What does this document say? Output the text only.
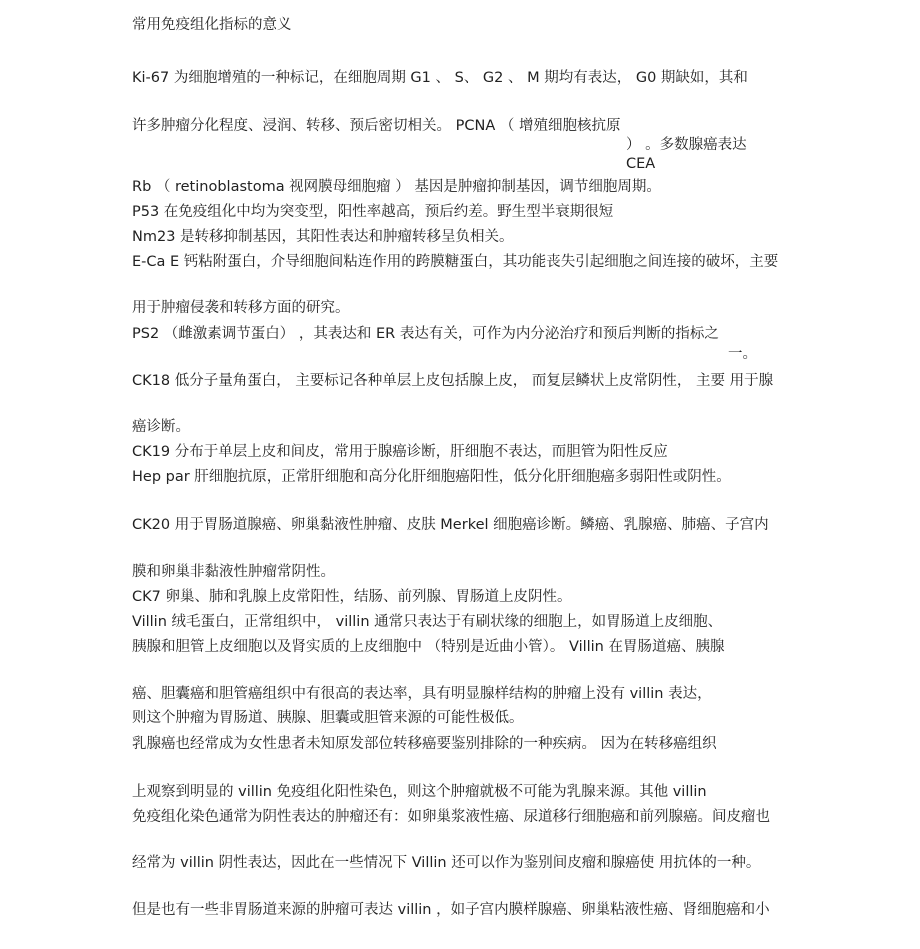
常用免疫组化指标的意义
Ki-67 为细胞增殖的一种标记，在细胞周期 G1 、 S、 G2 、 M 期均有表达， G0 期缺如，其和
许多肿瘤分化程度、浸润、转移、预后密切相关。 PCNA （ 增殖细胞核抗原
） 。多数腺癌表达
CEA
Rb （ retinoblastoma 视网膜母细胞瘤 ） 基因是肿瘤抑制基因，调节细胞周期。
P53 在免疫组化中均为突变型，阳性率越高，预后约差。野生型半衰期很短
Nm23 是转移抑制基因，其阳性表达和肿瘤转移呈负相关。
E-Ca E 钙粘附蛋白，介导细胞间粘连作用的跨膜糖蛋白，其功能丧失引起细胞之间连接的破坏，主要
用于肿瘤侵袭和转移方面的研究。
PS2 （雌激素调节蛋白） ，其表达和 ER 表达有关，可作为内分泌治疗和预后判断的指标之
一。
CK18 低分子量角蛋白， 主要标记各种单层上皮包括腺上皮， 而复层鳞状上皮常阴性， 主要 用于腺
癌诊断。
CK19 分布于单层上皮和间皮，常用于腺癌诊断，肝细胞不表达，而胆管为阳性反应
Hep par 肝细胞抗原，正常肝细胞和高分化肝细胞癌阳性，低分化肝细胞癌多弱阳性或阴性。
CK20 用于胃肠道腺癌、卵巢黏液性肿瘤、皮肤 Merkel 细胞癌诊断。鳞癌、乳腺癌、肺癌、子宫内
膜和卵巢非黏液性肿瘤常阴性。
CK7 卵巢、肺和乳腺上皮常阳性，结肠、前列腺、胃肠道上皮阴性。
Villin 绒毛蛋白，正常组织中， villin 通常只表达于有刷状缘的细胞上，如胃肠道上皮细胞、
胰腺和胆管上皮细胞以及肾实质的上皮细胞中 （特别是近曲小管）。 Villin 在胃肠道癌、胰腺
癌、胆囊癌和胆管癌组织中有很高的表达率，具有明显腺样结构的肿瘤上没有 villin 表达，
则这个肿瘤为胃肠道、胰腺、胆囊或胆管来源的可能性极低。
乳腺癌也经常成为女性患者未知原发部位转移癌要鉴别排除的一种疾病。 因为在转移癌组织
上观察到明显的 villin 免疫组化阳性染色，则这个肿瘤就极不可能为乳腺来源。其他 villin
免疫组化染色通常为阴性表达的肿瘤还有：如卵巢浆液性癌、尿道移行细胞癌和前列腺癌。间皮瘤也
经常为 villin 阴性表达，因此在一些情况下 Villin 还可以作为鉴别间皮瘤和腺癌使 用抗体的一种。
但是也有一些非胃肠道来源的肿瘤可表达 villin ，如子宫内膜样腺癌、卵巢粘液性癌、肾细胞癌和小
